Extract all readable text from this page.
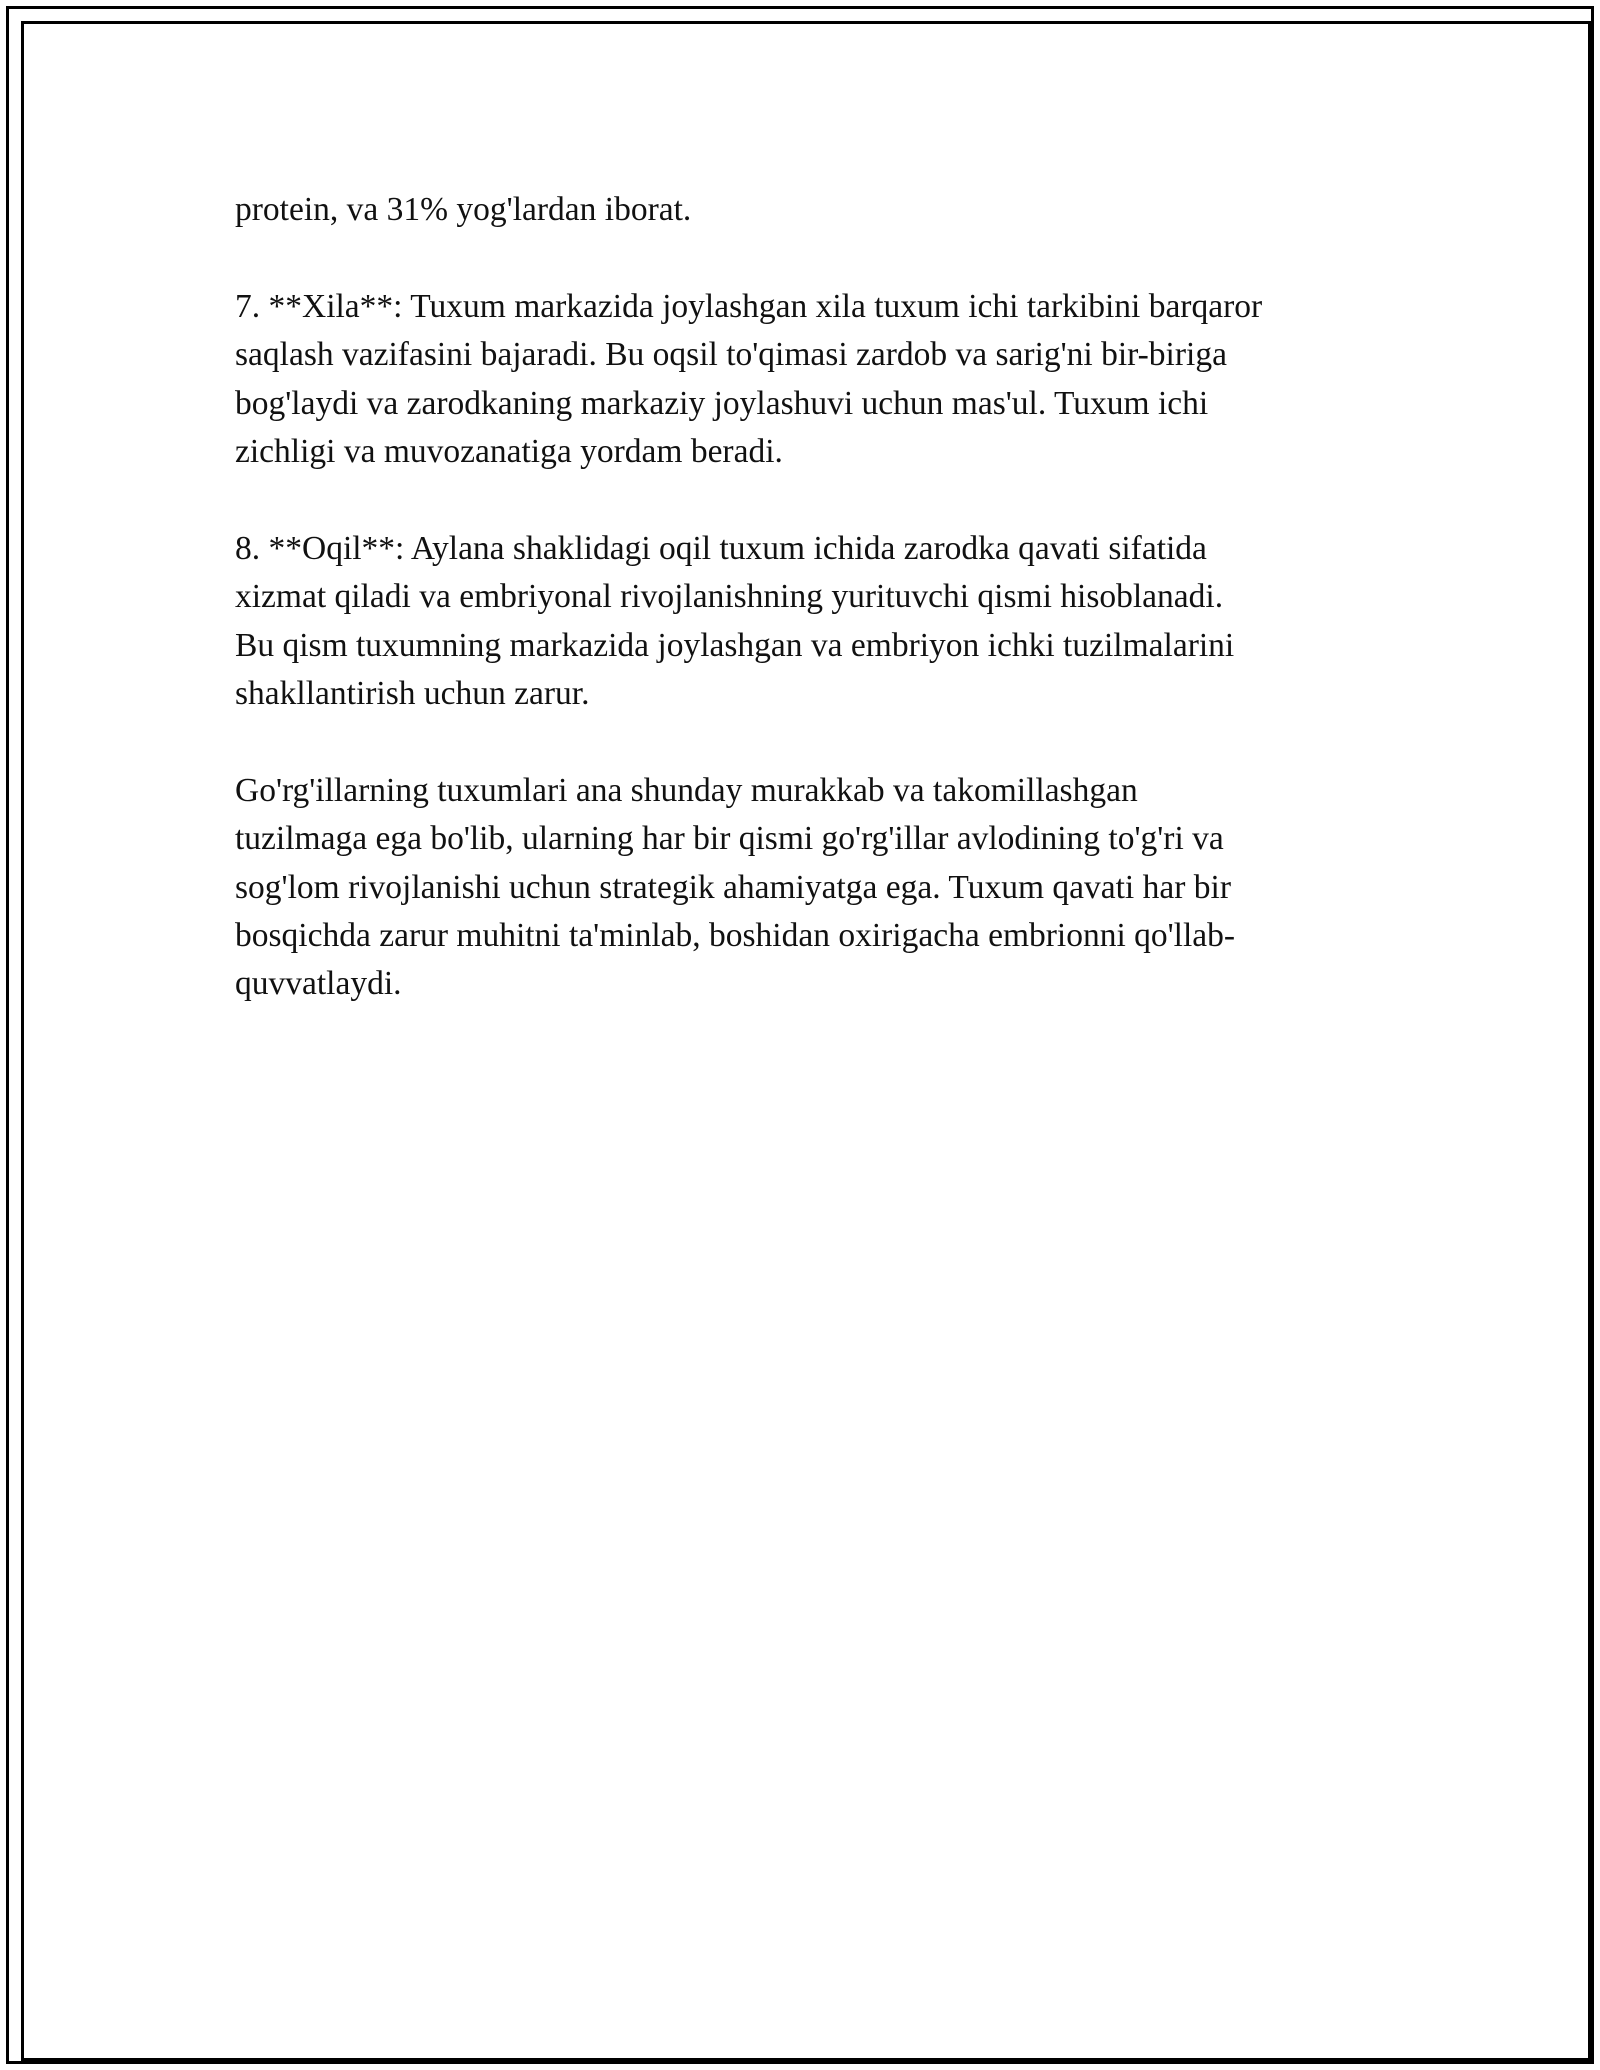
protein, va 31% yog'lardan iborat.

7. **Xila**: Tuxum markazida joylashgan xila tuxum ichi tarkibini barqaror
saqlash vazifasini bajaradi. Bu oqsil to'qimasi zardob va sarig'ni bir-biriga
bog'laydi va zarodkaning markaziy joylashuvi uchun mas'ul. Tuxum ichi
zichligi va muvozanatiga yordam beradi.

8. **Oqil**: Aylana shaklidagi oqil tuxum ichida zarodka qavati sifatida
xizmat qiladi va embriyonal rivojlanishning yurituvchi qismi hisoblanadi.
Bu qism tuxumning markazida joylashgan va embriyon ichki tuzilmalarini
shakllantirish uchun zarur.

Go'rg'illarning tuxumlari ana shunday murakkab va takomillashgan
tuzilmaga ega bo'lib, ularning har bir qismi go'rg'illar avlodining to'g'ri va
sog'lom rivojlanishi uchun strategik ahamiyatga ega. Tuxum qavati har bir
bosqichda zarur muhitni ta'minlab, boshidan oxirigacha embrionni qo'llab-
quvvatlaydi.
